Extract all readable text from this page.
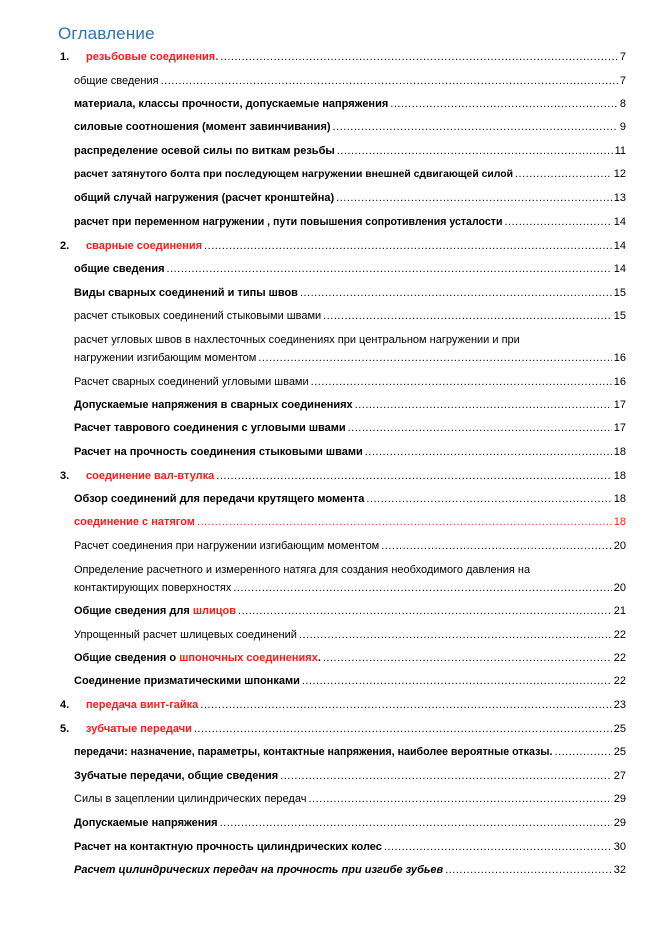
Оглавление
1. резьбовые соединения. .....	7
общие сведения .....	7
материала, классы прочности, допускаемые напряжения .....	8
силовые соотношения (момент завинчивания) .....	9
распределение осевой силы по виткам резьбы .....	11
расчет затянутого болта при последующем нагружении внешней сдвигающей силой .....	12
общий случай нагружения (расчет кронштейна) .....	13
расчет при переменном нагружении , пути повышения сопротивления усталости .....	14
2. сварные соединения .....	14
общие сведения .....	14
Виды сварных соединений и типы швов .....	15
расчет стыковых соединений стыковыми швами .....	15
расчет угловых швов в нахлесточных соединениях при центральном нагружении и при
нагружении изгибающим моментом .....	16
Расчет сварных соединений угловыми швами .....	16
Допускаемые напряжения в сварных соединениях .....	17
Расчет таврового соединения с угловыми швами .....	17
Расчет на прочность соединения стыковыми швами .....	18
3. соединение вал-втулка .....	18
Обзор соединений для передачи крутящего момента .....	18
соединение с натягом .....	18
Расчет соединения при нагружении изгибающим моментом .....	20
Определение расчетного и измеренного натяга для создания необходимого давления на
контактирующих поверхностях .....	20
Общие сведения для шлицов .....	21
Упрощенный расчет шлицевых соединений .....	22
Общие сведения о шпоночных соединениях. .....	22
Соединение призматическими шпонками .....	22
4. передача винт-гайка .....	23
5. зубчатые передачи .....	25
передачи: назначение, параметры, контактные напряжения, наиболее вероятные отказы. .....	25
Зубчатые передачи, общие сведения .....	27
Силы в зацеплении цилиндрических передач .....	29
Допускаемые напряжения .....	29
Расчет на контактную прочность цилиндрических колес .....	30
Расчет цилиндрических передач на прочность при изгибе зубьев .....	32
